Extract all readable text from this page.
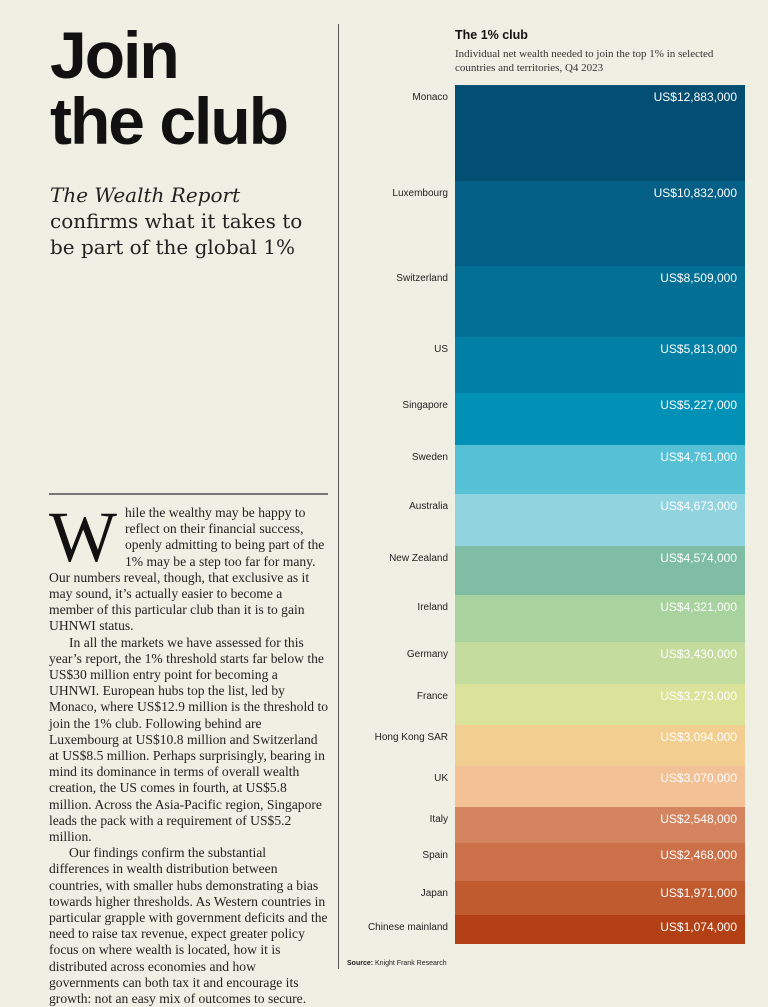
Join
the club
The Wealth Report
confirms what it takes to be part of the global 1%

While the wealthy may be happy to reflect on their financial success, openly admitting to being part of the 1% may be a step too far for many. Our numbers reveal, though, that exclusive as it may sound, it’s actually easier to become a member of this particular club than it is to gain UHNWI status.

In all the markets we have assessed for this year’s report, the 1% threshold starts far below the US$30 million entry point for becoming a UHNWI. European hubs top the list, led by Monaco, where US$12.9 million is the threshold to join the 1% club. Following behind are Luxembourg at US$10.8 million and Switzerland at US$8.5 million. Perhaps surprisingly, bearing in mind its dominance in terms of overall wealth creation, the US comes in fourth, at US$5.8 million. Across the Asia-Pacific region, Singapore leads the pack with a requirement of US$5.2 million.

Our findings confirm the substantial differences in wealth distribution between countries, with smaller hubs demonstrating a bias towards higher thresholds. As Western countries in particular grapple with government deficits and the need to raise tax revenue, expect greater policy focus on where wealth is located, how it is distributed across economies and how governments can both tax it and encourage its growth: not an easy mix of outcomes to secure.

The 1% club
Individual net wealth needed to join the top 1% in selected countries and territories, Q4 2023
US$12,883,000
Monaco
US$10,832,000
Luxembourg
US$8,509,000
Switzerland
US$5,813,000
US
US$5,227,000
Singapore
US$4,761,000
Sweden
US$4,673,000
Australia
US$4,574,000
New Zealand
US$4,321,000
Ireland
US$3,430,000
Germany
US$3,273,000
France
US$3,094,000
Hong Kong SAR
US$3,070,000
UK
US$2,548,000
Italy
US$2,468,000
Spain
US$1,971,000
Japan
US$1,074,000
Chinese mainland
Source: Knight Frank Research
